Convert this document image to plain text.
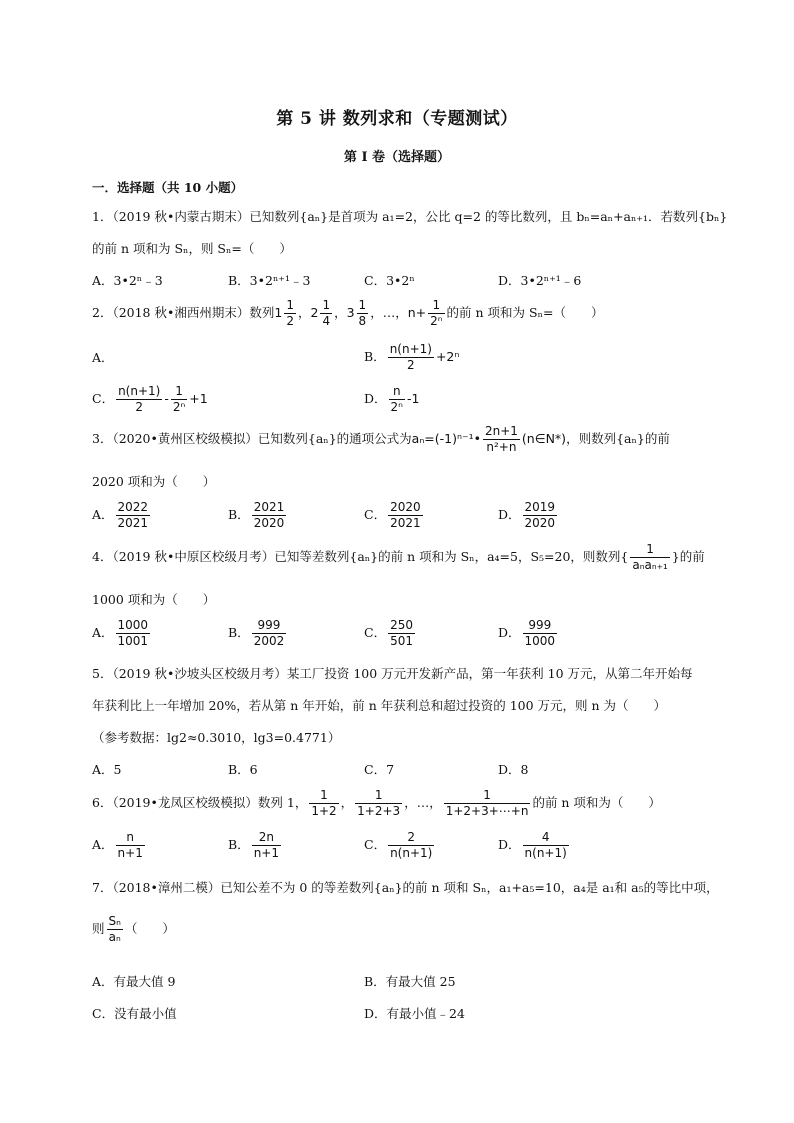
第 5 讲 数列求和（专题测试）
第 I 卷（选择题）
一．选择题（共 10 小题）
1．（2019 秋•内蒙古期末）已知数列{aₙ}是首项为 a₁=2，公比 q=2 的等比数列，且 bₙ=aₙ+aₙ₊₁．若数列{bₙ}
的前 n 项和为 Sₙ，则 Sₙ=（　　）
A．3•2ⁿ﹣3	B．3•2ⁿ⁺¹﹣3	C．3•2ⁿ	D．3•2ⁿ⁺¹﹣6
2．（2018 秋•湘西州期末）数列$1 \frac{1}{2}$ ，$2 \frac{1}{4}$ ，$3 \frac{1}{8}$ ，…，$n+ \frac{1}{\text{2ⁿ}}$ 的前 n 项和为 Sₙ=（　　）
A．	B． $\frac{n(n+1)}{2} +2^n$
C． $\frac{n(n+1)}{2} - \frac{1}{\text{2ⁿ}} +1$	D． $\frac{n}{\text{2ⁿ}} -1$
3．（2020•黄州区校级模拟）已知数列{aₙ}的通项公式为aₙ=(-1)ⁿ⁻¹• $\frac{2n+1}{\text{n²+n}}$ (n∈N*)，则数列{aₙ}的前
2020 项和为（　　）
A． $\frac{2022}{2021}$	B． $\frac{2021}{2020}$	C． $\frac{2020}{2021}$	D． $\frac{2019}{2020}$
4．（2019 秋•中原区校级月考）已知等差数列{aₙ}的前 n 项和为 Sₙ，a₄=5，S₅=20，则数列{ $\frac{1}{\text{aₙaₙ₊₁}}$ }的前
1000 项和为（　　）
A． $\frac{1000}{1001}$	B． $\frac{999}{2002}$	C． $\frac{250}{501}$	D． $\frac{999}{1000}$
5．（2019 秋•沙坡头区校级月考）某工厂投资 100 万元开发新产品，第一年获利 10 万元，从第二年开始每
年获利比上一年增加 20%，若从第 n 年开始，前 n 年获利总和超过投资的 100 万元，则 n 为（　　）
（参考数据：lg2≈0.3010，lg3=0.4771）
A．5	B．6	C．7	D．8
6．（2019•龙凤区校级模拟）数列 1， $\frac{1}{1+2}$ ， $\frac{1}{1+2+3}$ ，…， $\frac{1}{1+2+3+\cdots+n}$ 的前 n 项和为（　　）
A． $\frac{n}{n+1}$	B． $\frac{2n}{n+1}$	C． $\frac{2}{n(n+1)}$	D． $\frac{4}{n(n+1)}$
7．（2018•漳州二模）已知公差不为 0 的等差数列{aₙ}的前 n 项和 Sₙ，a₁+a₅=10，a₄是 a₁和 a₅的等比中项，
则 $\frac{\text{Sₙ}}{\text{aₙ}}$ （　　）
A．有最大值 9	B．有最大值 25
C．没有最小值	D．有最小值﹣24
